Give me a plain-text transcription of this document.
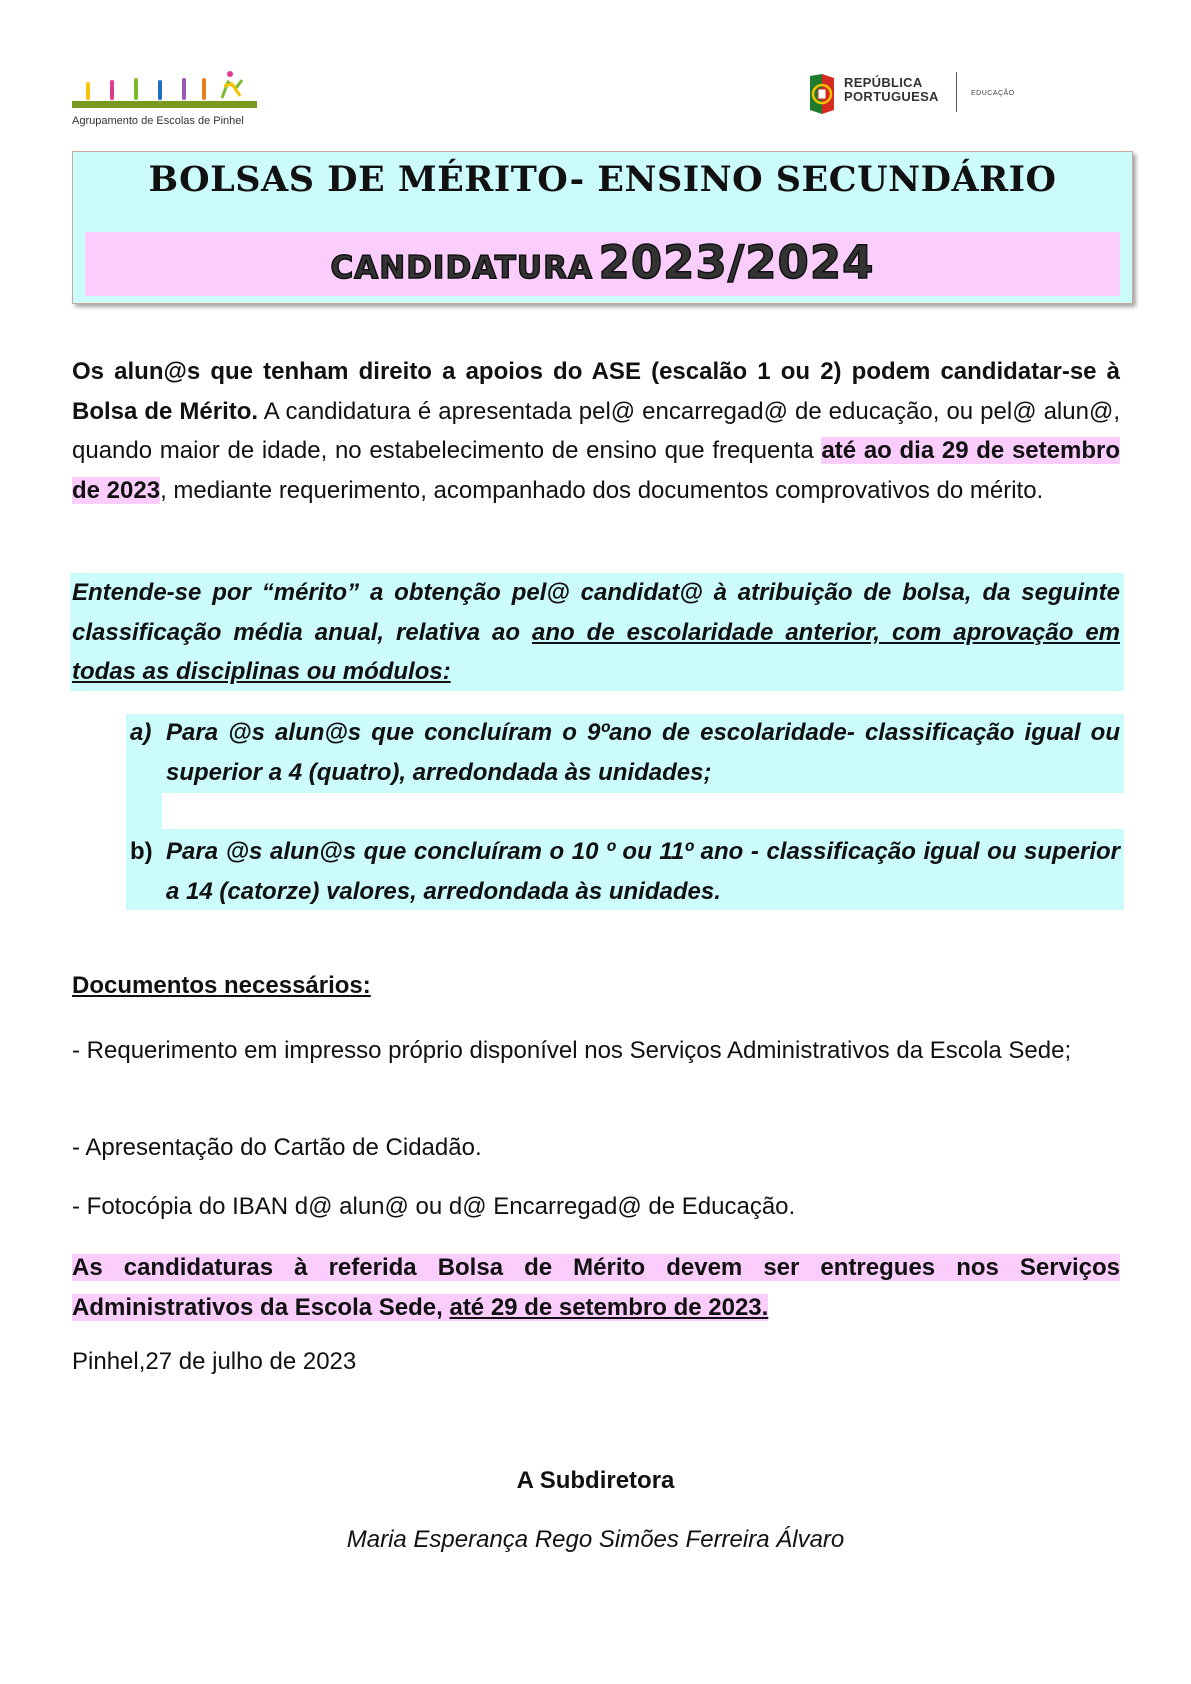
Agrupamento de Escolas de Pinhel
REPÚBLICA
PORTUGUESA	EDUCAÇÃO
BOLSAS DE MÉRITO- ENSINO SECUNDÁRIO
CANDIDATURA 2023/2024
Os alun@s que tenham direito a apoios do ASE (escalão 1 ou 2) podem candidatar-se à Bolsa de Mérito. A candidatura é apresentada pel@ encarregad@ de educação, ou pel@ alun@, quando maior de idade, no estabelecimento de ensino que frequenta até ao dia 29 de setembro de 2023, mediante requerimento, acompanhado dos documentos comprovativos do mérito.
Entende-se por “mérito” a obtenção pel@ candidat@ à atribuição de bolsa, da seguinte classificação média anual, relativa ao ano de escolaridade anterior, com aprovação em todas as disciplinas ou módulos:
a) Para @s alun@s que concluíram o 9ºano de escolaridade- classificação igual ou superior a 4 (quatro), arredondada às unidades;
b) Para @s alun@s que concluíram o 10 º ou 11º ano - classificação igual ou superior a 14 (catorze) valores, arredondada às unidades.
Documentos necessários:
- Requerimento em impresso próprio disponível nos Serviços Administrativos da Escola Sede;
- Apresentação do Cartão de Cidadão.
- Fotocópia do IBAN d@ alun@ ou d@ Encarregad@ de Educação.
As candidaturas à referida Bolsa de Mérito devem ser entregues nos Serviços Administrativos da Escola Sede, até 29 de setembro de 2023.
Pinhel,27 de julho de 2023
A Subdiretora
Maria Esperança Rego Simões Ferreira Álvaro
